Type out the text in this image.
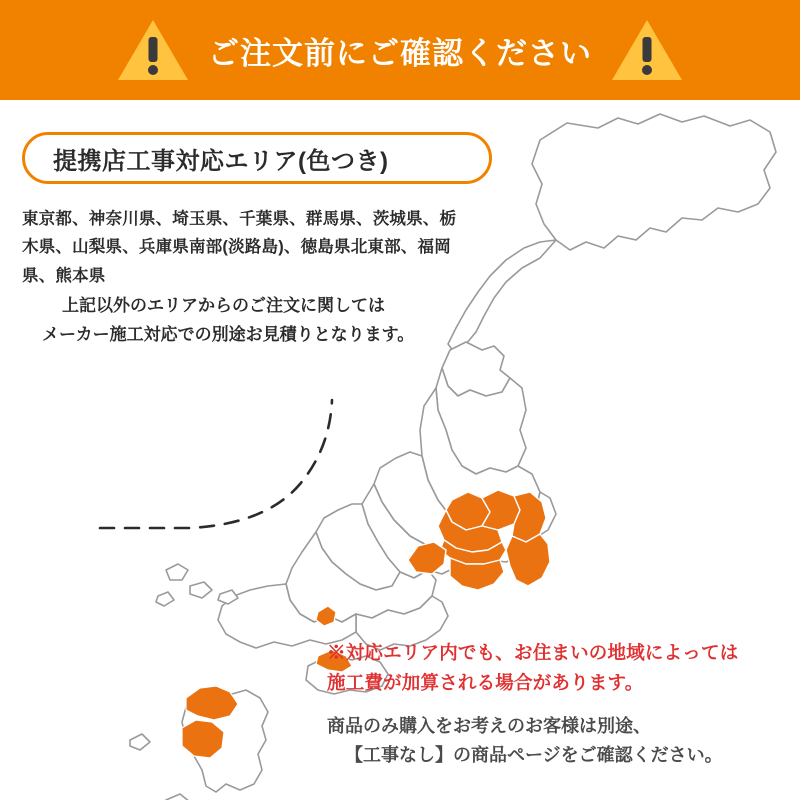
ご注文前にご確認ください
提携店工事対応エリア(色つき)
東京都、神奈川県、埼玉県、千葉県、群馬県、茨城県、栃
木県、山梨県、兵庫県南部(淡路島)、徳島県北東部、福岡
県、熊本県
上記以外のエリアからのご注文に関しては
メーカー施工対応での別途お見積りとなります。
※対応エリア内でも、お住まいの地域によっては
施工費が加算される場合があります。
商品のみ購入をお考えのお客様は別途、
【工事なし】の商品ページをご確認ください。
